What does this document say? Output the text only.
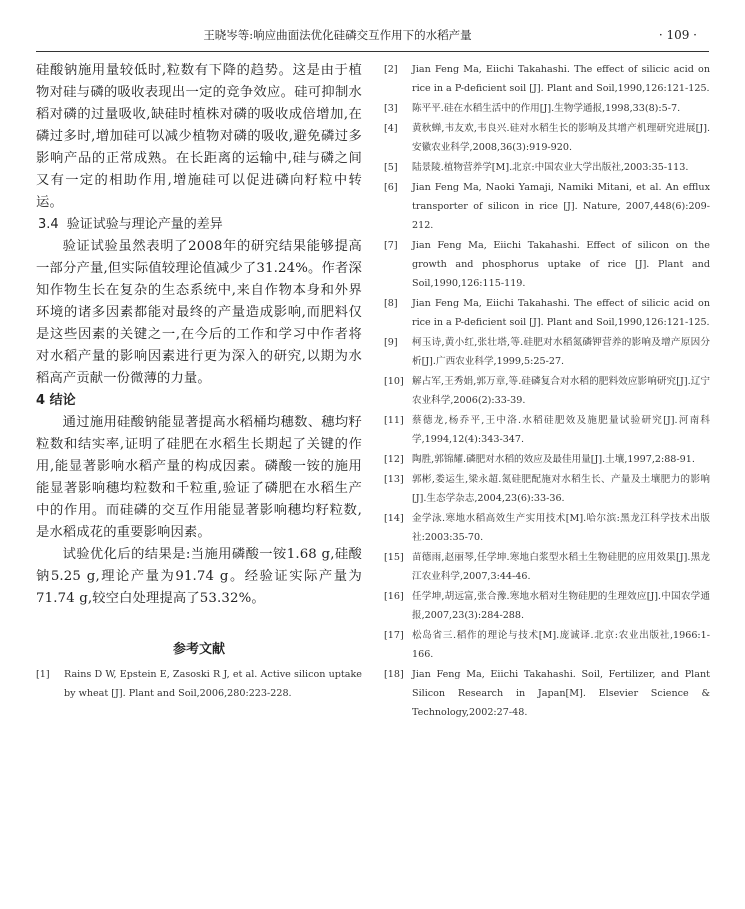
王晓岑等:响应曲面法优化硅磷交互作用下的水稻产量	· 109 ·

硅酸钠施用量较低时,粒数有下降的趋势。这是由于植物对硅与磷的吸收表现出一定的竞争效应。硅可抑制水稻对磷的过量吸收,缺硅时植株对磷的吸收成倍增加,在磷过多时,增加硅可以减少植物对磷的吸收,避免磷过多影响产品的正常成熟。在长距离的运输中,硅与磷之间又有一定的相助作用,增施硅可以促进磷向籽粒中转运。

3.4 验证试验与理论产量的差异

验证试验虽然表明了2008年的研究结果能够提高一部分产量,但实际值较理论值减少了31.24%。作者深知作物生长在复杂的生态系统中,来自作物本身和外界环境的诸多因素都能对最终的产量造成影响,而肥料仅是这些因素的关键之一,在今后的工作和学习中作者将对水稻产量的影响因素进行更为深入的研究,以期为水稻高产贡献一份微薄的力量。

4 结论

通过施用硅酸钠能显著提高水稻桶均穗数、穗均籽粒数和结实率,证明了硅肥在水稻生长期起了关键的作用,能显著影响水稻产量的构成因素。磷酸一铵的施用能显著影响穗均粒数和千粒重,验证了磷肥在水稻生产中的作用。而硅磷的交互作用能显著影响穗均籽粒数,是水稻成花的重要影响因素。

试验优化后的结果是:当施用磷酸一铵1.68 g,硅酸钠5.25 g,理论产量为91.74 g。经验证实际产量为71.74 g,较空白处理提高了53.32%。

参考文献
[1]	Rains D W, Epstein E, Zasoski R J, et al. Active silicon uptake by wheat [J]. Plant and Soil,2006,280:223-228.
[2]	Jian Feng Ma, Eiichi Takahashi. The effect of silicic acid on rice in a P-deficient soil [J]. Plant and Soil,1990,126:121-125.
[3]	陈平平.硅在水稻生活中的作用[J].生物学通报,1998,33(8):5-7.
[4]	黄秋蝉,韦友欢,韦良兴.硅对水稻生长的影响及其增产机理研究进展[J].安徽农业科学,2008,36(3):919-920.
[5]	陆景陵.植物营养学[M].北京:中国农业大学出版社,2003:35-113.
[6]	Jian Feng Ma, Naoki Yamaji, Namiki Mitani, et al. An efflux transporter of silicon in rice [J]. Nature, 2007,448(6):209-212.
[7]	Jian Feng Ma, Eiichi Takahashi. Effect of silicon on the growth and phosphorus uptake of rice [J]. Plant and Soil,1990,126:115-119.
[8]	Jian Feng Ma, Eiichi Takahashi. The effect of silicic acid on rice in a P-deficient soil [J]. Plant and Soil,1990,126:121-125.
[9]	柯玉诗,黄小红,张壮塔,等.硅肥对水稻氮磷钾营养的影响及增产原因分析[J].广西农业科学,1999,5:25-27.
[10] 解占军,王秀娟,郭万章,等.硅磷复合对水稻的肥料效应影响研究[J].辽宁农业科学,2006(2):33-39.
[11] 蔡德龙,杨乔平,王中洛.水稻硅肥效及施肥量试验研究[J].河南科学,1994,12(4):343-347.
[12] 陶胜,郭锦耀.磷肥对水稻的效应及最佳用量[J].土壤,1997,2:88-91.
[13] 郭彬,娄运生,梁永超.氮硅肥配施对水稻生长、产量及土壤肥力的影响[J].生态学杂志,2004,23(6):33-36.
[14] 金学泳.寒地水稻高效生产实用技术[M].哈尔滨:黑龙江科学技术出版社:2003:35-70.
[15] 苗德雨,赵丽琴,任学坤.寒地白浆型水稻土生物硅肥的应用效果[J].黑龙江农业科学,2007,3:44-46.
[16] 任学坤,胡远富,张合豫.寒地水稻对生物硅肥的生理效应[J].中国农学通报,2007,23(3):284-288.
[17] 松岛省三.稻作的理论与技术[M].庞诚译.北京:农业出版社,1966:1-166.
[18] Jian Feng Ma, Eiichi Takahashi. Soil, Fertilizer, and Plant Silicon Research in Japan[M]. Elsevier Science & Technology,2002:27-48.
